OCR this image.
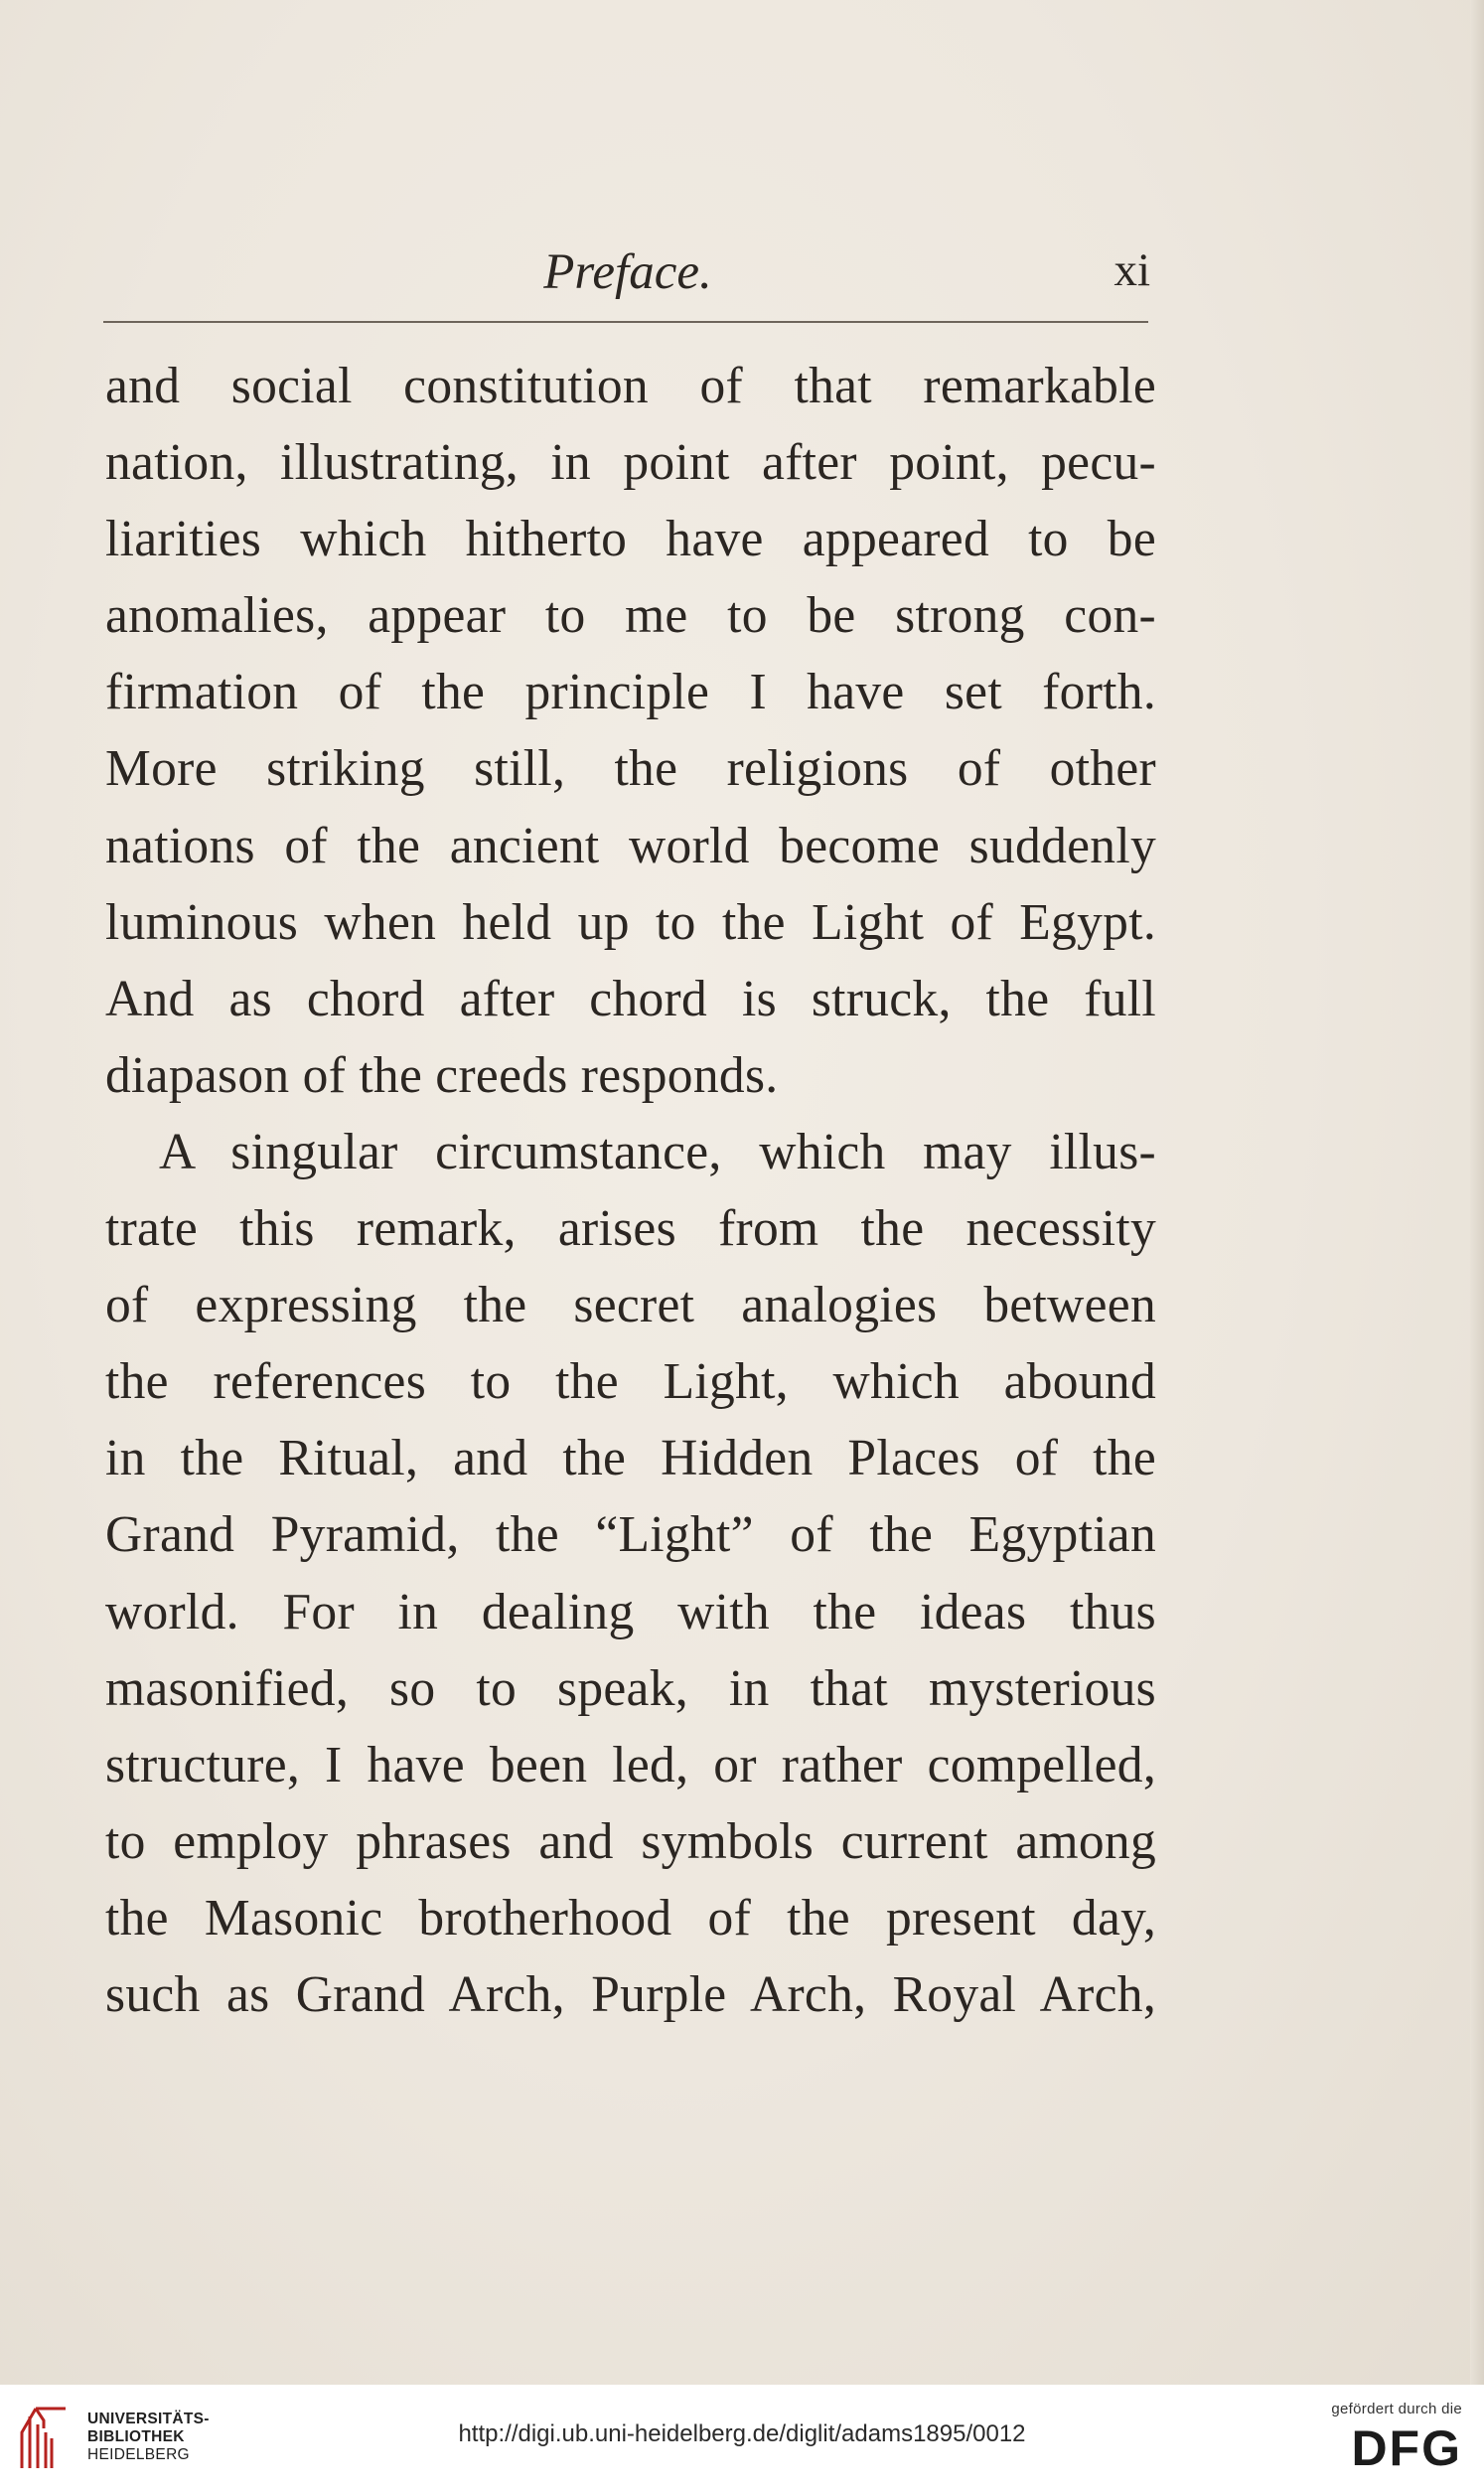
Preface.	xi
and social constitution of that remarkable
nation, illustrating, in point after point, pecu-
liarities which hitherto have appeared to be
anomalies, appear to me to be strong con-
firmation of the principle I have set forth.
More striking still, the religions of other
nations of the ancient world become suddenly
luminous when held up to the Light of Egypt.
And as chord after chord is struck, the full
diapason of the creeds responds.
A singular circumstance, which may illus-
trate this remark, arises from the necessity
of expressing the secret analogies between
the references to the Light, which abound
in the Ritual, and the Hidden Places of the
Grand Pyramid, the “Light” of the Egyptian
world. For in dealing with the ideas thus
masonified, so to speak, in that mysterious
structure, I have been led, or rather compelled,
to employ phrases and symbols current among
the Masonic brotherhood of the present day,
such as Grand Arch, Purple Arch, Royal Arch,
UNIVERSITÄTS-
BIBLIOTHEK
HEIDELBERG
http://digi.ub.uni-heidelberg.de/diglit/adams1895/0012
gefördert durch die
DFG
